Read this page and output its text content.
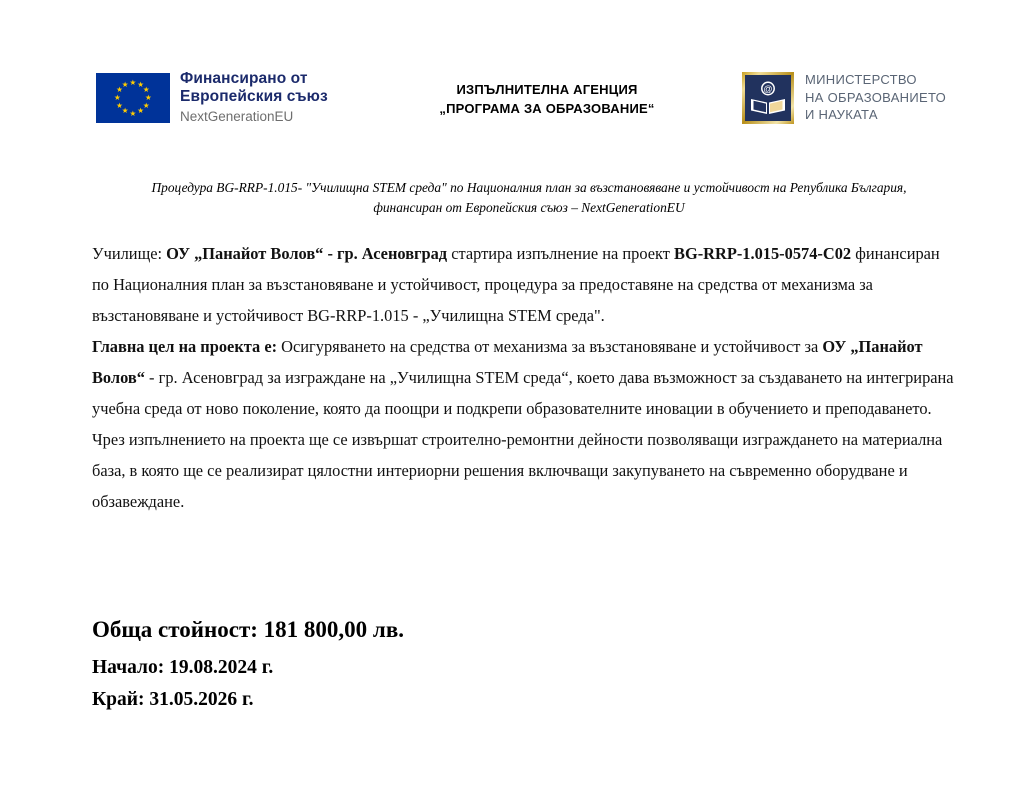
Финансирано от
Европейския съюз
NextGenerationEU
ИЗПЪЛНИТЕЛНА АГЕНЦИЯ
„ПРОГРАМА ЗА ОБРАЗОВАНИЕ“
@
МИНИСТЕРСТВО
НА ОБРАЗОВАНИЕТО
И НАУКАТА
Процедура BG-RRP-1.015- "Училищна STEM среда" по Националния план за възстановяване и устойчивост на Република България, финансиран от Европейския съюз – NextGenerationEU

Училище: ОУ „Панайот Волов“ - гр. Асеновград стартира изпълнение на проект BG-RRP-1.015-0574-C02 финансиран по Националния план за възстановяване и устойчивост, процедура за предоставяне на средства от механизма за възстановяване и устойчивост BG-RRP-1.015 - „Училищна STEM среда".

Главна цел на проекта е: Осигуряването на средства от механизма за възстановяване и устойчивост за ОУ „Панайот Волов“ - гр. Асеновград за изграждане на „Училищна STEM среда“, което дава възможност за създаването на интегрирана учебна среда от ново поколение, която да поощри и подкрепи образователните иновации в обучението и преподаването.

Чрез изпълнението на проекта ще се извършат строително-ремонтни дейности позволяващи изграждането на материална база, в която ще се реализират цялостни интериорни решения включващи закупуването на съвременно оборудване и обзавеждане.

Обща стойност: 181 800,00 лв.
Начало: 19.08.2024 г.
Край: 31.05.2026 г.
